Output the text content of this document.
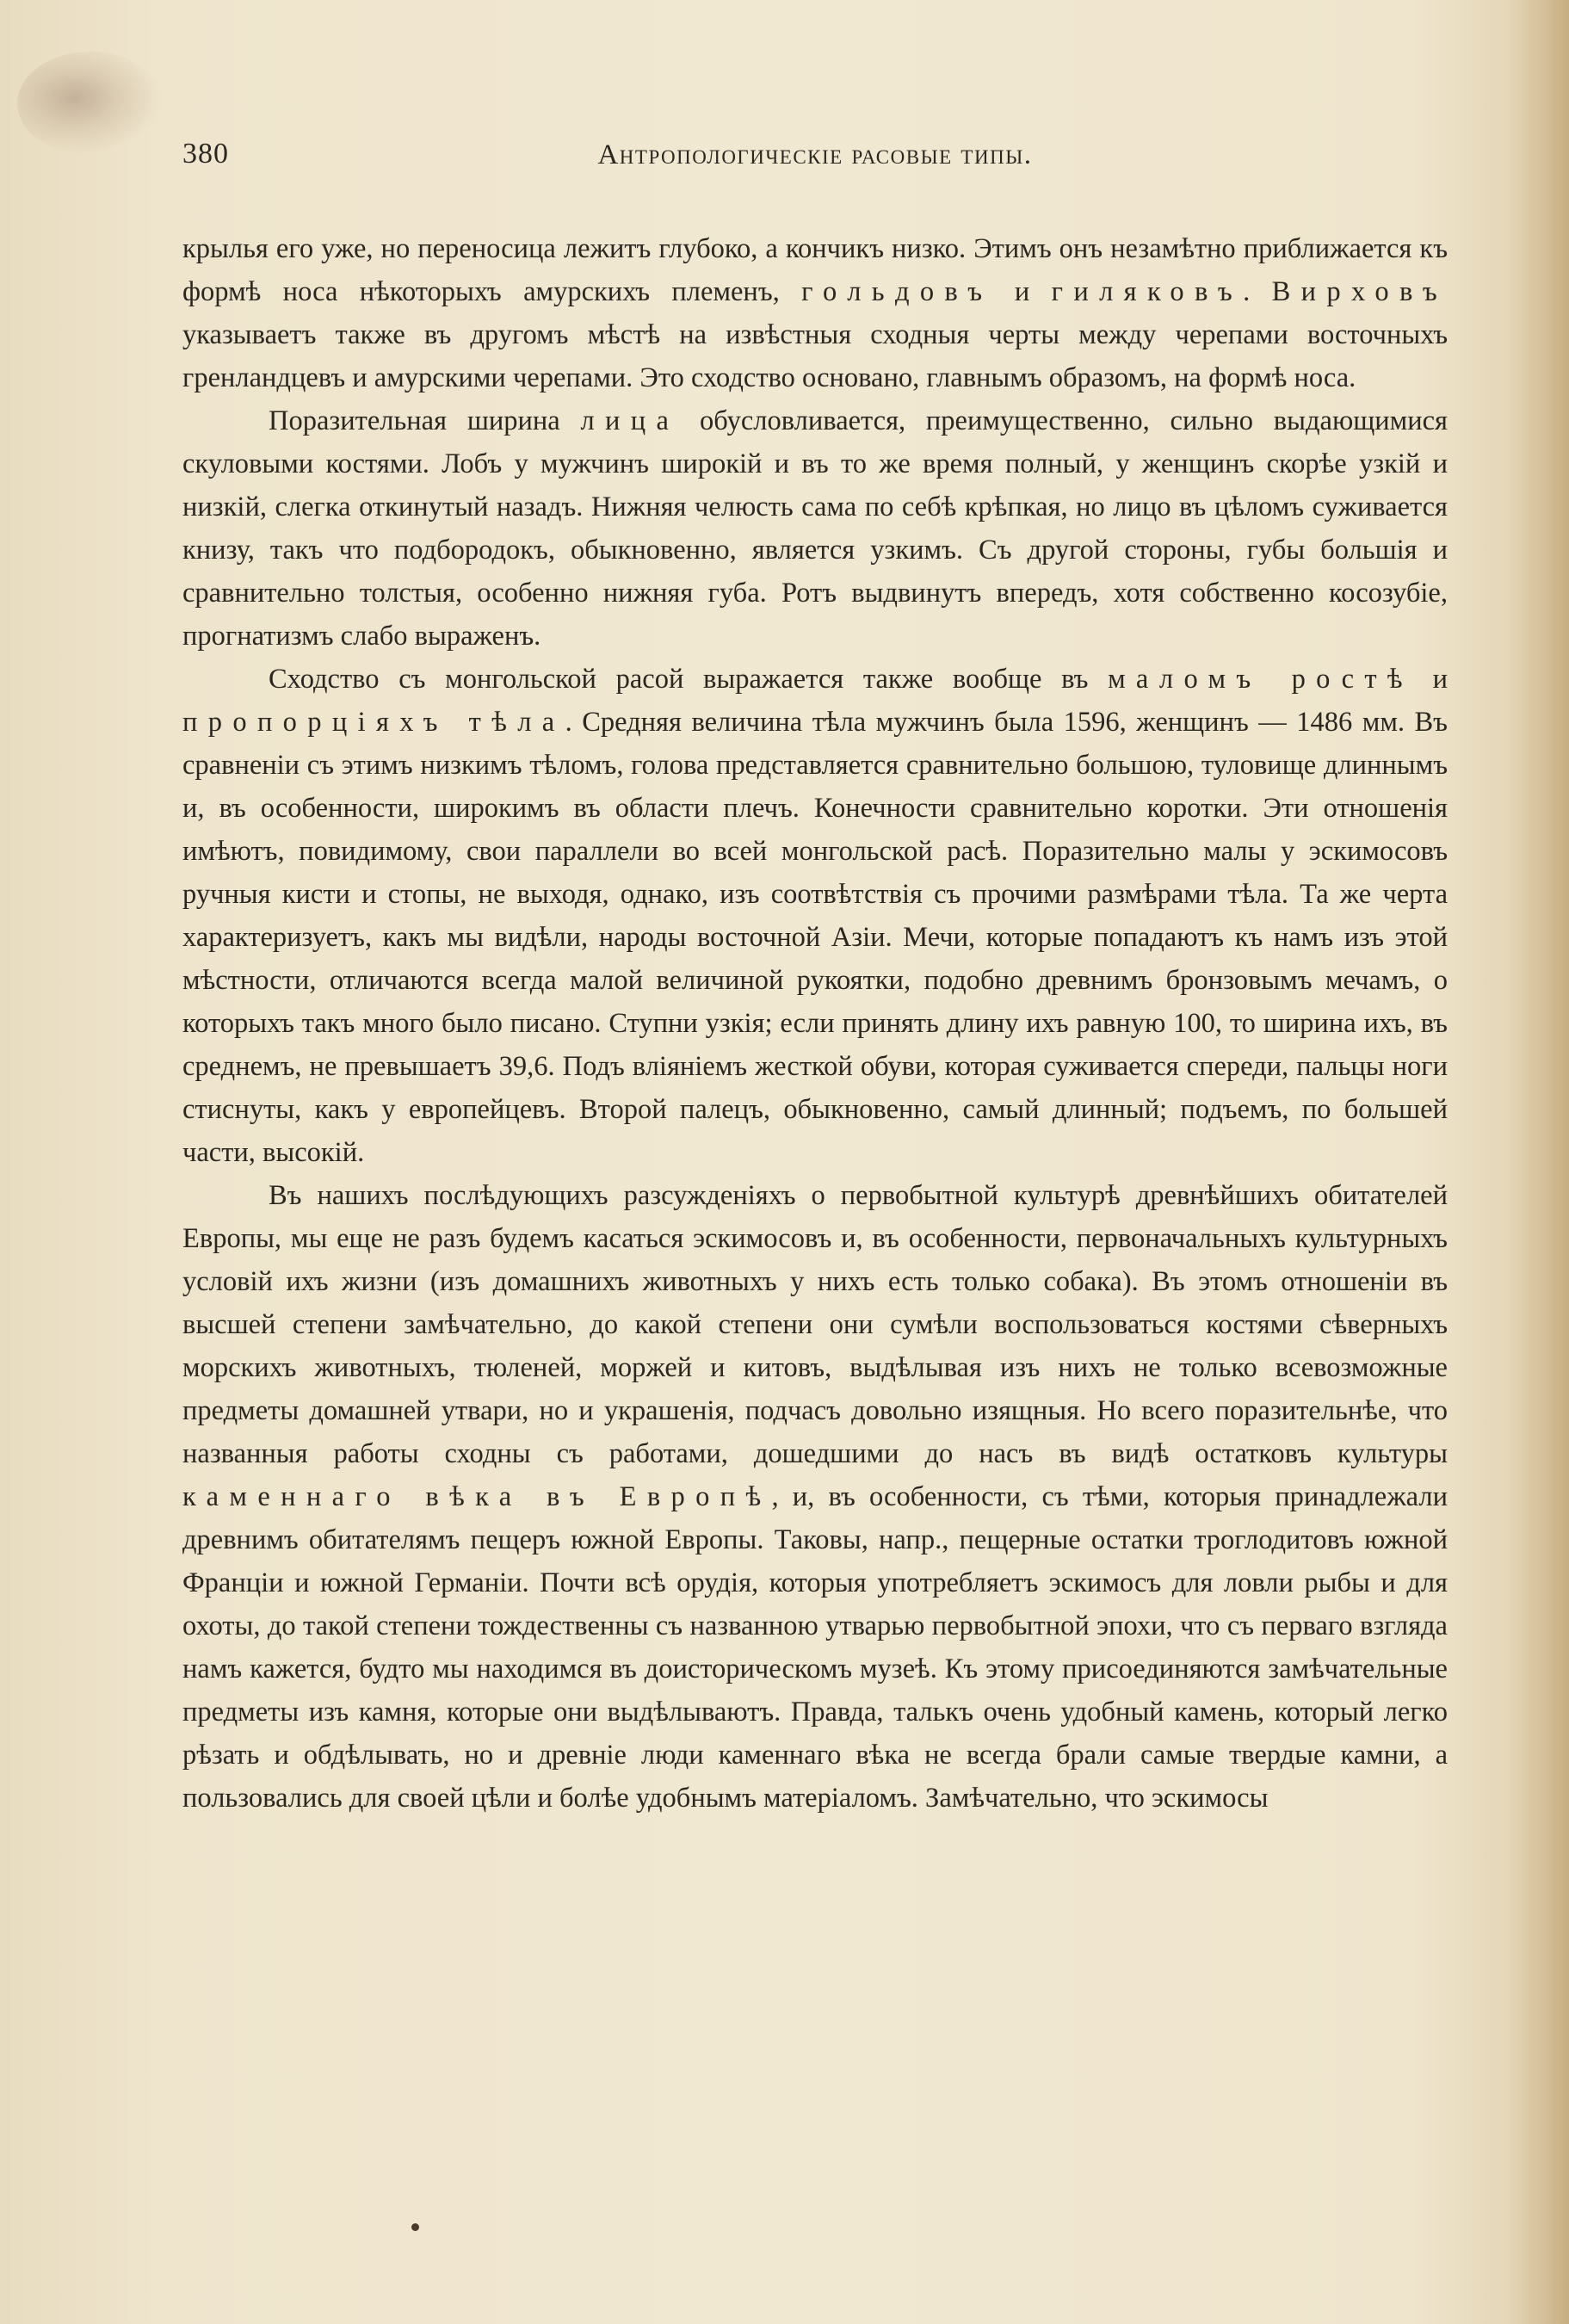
380	Антропологическiе расовые типы.

крылья его уже, но переносица лежитъ глубоко, а кончикъ низко. Этимъ онъ незамѣтно приближается къ формѣ носа нѣкоторыхъ амурскихъ племенъ, гольдовъ и гиляковъ. Вирховъ указываетъ также въ другомъ мѣстѣ на извѣстныя сходныя черты между черепами восточныхъ гренландцевъ и амурскими черепами. Это сходство основано, главнымъ образомъ, на формѣ носа.

Поразительная ширина лица обусловливается, преимущественно, сильно выдающимися скуловыми костями. Лобъ у мужчинъ широкiй и въ то же время полный, у женщинъ скорѣе узкiй и низкiй, слегка откинутый назадъ. Нижняя челюсть сама по себѣ крѣпкая, но лицо въ цѣломъ суживается книзу, такъ что подбородокъ, обыкновенно, является узкимъ. Съ другой стороны, губы большiя и сравнительно толстыя, особенно нижняя губа. Ротъ выдвинутъ впередъ, хотя собственно косозубiе, прогнатизмъ слабо выраженъ.

Сходство съ монгольской расой выражается также вообще въ маломъ ростѣ и пропорцiяхъ тѣла. Средняя величина тѣла мужчинъ была 1596, женщинъ — 1486 мм. Въ сравненiи съ этимъ низкимъ тѣломъ, голова представляется сравнительно большою, туловище длиннымъ и, въ особенности, широкимъ въ области плечъ. Конечности сравнительно коротки. Эти отношенiя имѣютъ, повидимому, свои параллели во всей монгольской расѣ. Поразительно малы у эскимосовъ ручныя кисти и стопы, не выходя, однако, изъ соотвѣтствiя съ прочими размѣрами тѣла. Та же черта характеризуетъ, какъ мы видѣли, народы восточной Азiи. Мечи, которые попадаютъ къ намъ изъ этой мѣстности, отличаются всегда малой величиной рукоятки, подобно древнимъ бронзовымъ мечамъ, о которыхъ такъ много было писано. Ступни узкiя; если принять длину ихъ равную 100, то ширина ихъ, въ среднемъ, не превышаетъ 39,6. Подъ влiянiемъ жесткой обуви, которая суживается спереди, пальцы ноги стиснуты, какъ у европейцевъ. Второй палецъ, обыкновенно, самый длинный; подъемъ, по большей части, высокiй.

Въ нашихъ послѣдующихъ разсужденiяхъ о первобытной культурѣ древнѣйшихъ обитателей Европы, мы еще не разъ будемъ касаться эскимосовъ и, въ особенности, первоначальныхъ культурныхъ условiй ихъ жизни (изъ домашнихъ животныхъ у нихъ есть только собака). Въ этомъ отношенiи въ высшей степени замѣчательно, до какой степени они сумѣли воспользоваться костями сѣверныхъ морскихъ животныхъ, тюленей, моржей и китовъ, выдѣлывая изъ нихъ не только всевозможные предметы домашней утвари, но и украшенiя, подчасъ довольно изящныя. Но всего поразительнѣе, что названныя работы сходны съ работами, дошедшими до насъ въ видѣ остатковъ культуры каменнаго вѣка въ Европѣ, и, въ особенности, съ тѣми, которыя принадлежали древнимъ обитателямъ пещеръ южной Европы. Таковы, напр., пещерные остатки троглодитовъ южной Францiи и южной Германiи. Почти всѣ орудiя, которыя употребляетъ эскимосъ для ловли рыбы и для охоты, до такой степени тождественны съ названною утварью первобытной эпохи, что съ перваго взгляда намъ кажется, будто мы находимся въ доисторическомъ музеѣ. Къ этому присоединяются замѣчательные предметы изъ камня, которые они выдѣлываютъ. Правда, талькъ очень удобный камень, который легко рѣзать и обдѣлывать, но и древнiе люди каменнаго вѣка не всегда брали самые твердые камни, а пользовались для своей цѣли и болѣе удобнымъ матерiаломъ. Замѣчательно, что эскимосы
